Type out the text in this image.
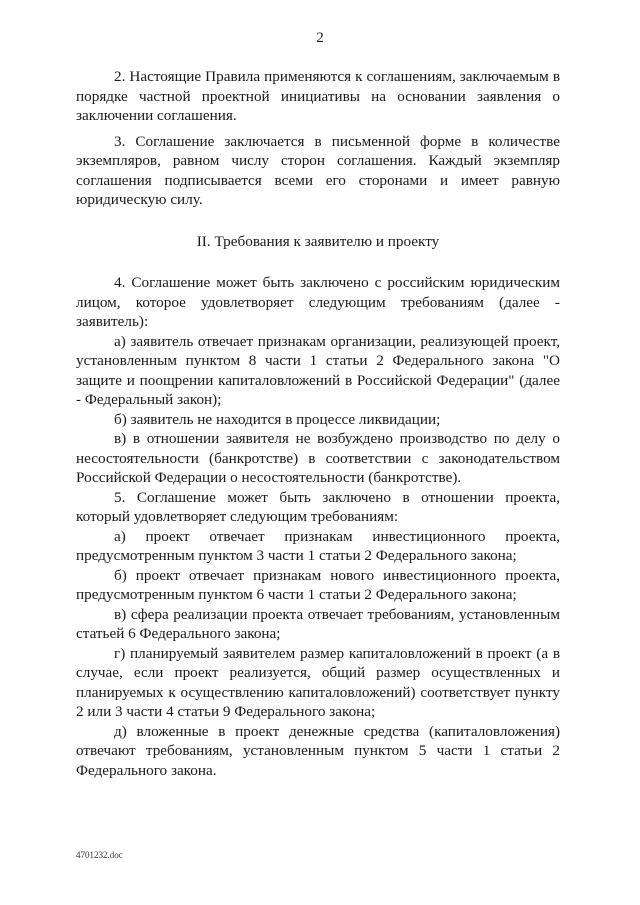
2

2. Настоящие Правила применяются к соглашениям, заключаемым в порядке частной проектной инициативы на основании заявления о заключении соглашения.

3. Соглашение заключается в письменной форме в количестве экземпляров, равном числу сторон соглашения. Каждый экземпляр соглашения подписывается всеми его сторонами и имеет равную юридическую силу.

II. Требования к заявителю и проекту

4. Соглашение может быть заключено с российским юридическим лицом, которое удовлетворяет следующим требованиям (далее - заявитель):

а) заявитель отвечает признакам организации, реализующей проект, установленным пунктом 8 части 1 статьи 2 Федерального закона "О защите и поощрении капиталовложений в Российской Федерации" (далее - Федеральный закон);

б) заявитель не находится в процессе ликвидации;

в) в отношении заявителя не возбуждено производство по делу о несостоятельности (банкротстве) в соответствии с законодательством Российской Федерации о несостоятельности (банкротстве).

5. Соглашение может быть заключено в отношении проекта, который удовлетворяет следующим требованиям:

а) проект отвечает признакам инвестиционного проекта, предусмотренным пунктом 3 части 1 статьи 2 Федерального закона;

б) проект отвечает признакам нового инвестиционного проекта, предусмотренным пунктом 6 части 1 статьи 2 Федерального закона;

в) сфера реализации проекта отвечает требованиям, установленным статьей 6 Федерального закона;

г) планируемый заявителем размер капиталовложений в проект (а в случае, если проект реализуется, общий размер осуществленных и планируемых к осуществлению капиталовложений) соответствует пункту 2 или 3 части 4 статьи 9 Федерального закона;

д) вложенные в проект денежные средства (капиталовложения) отвечают требованиям, установленным пунктом 5 части 1 статьи 2 Федерального закона.

4701232.doc
